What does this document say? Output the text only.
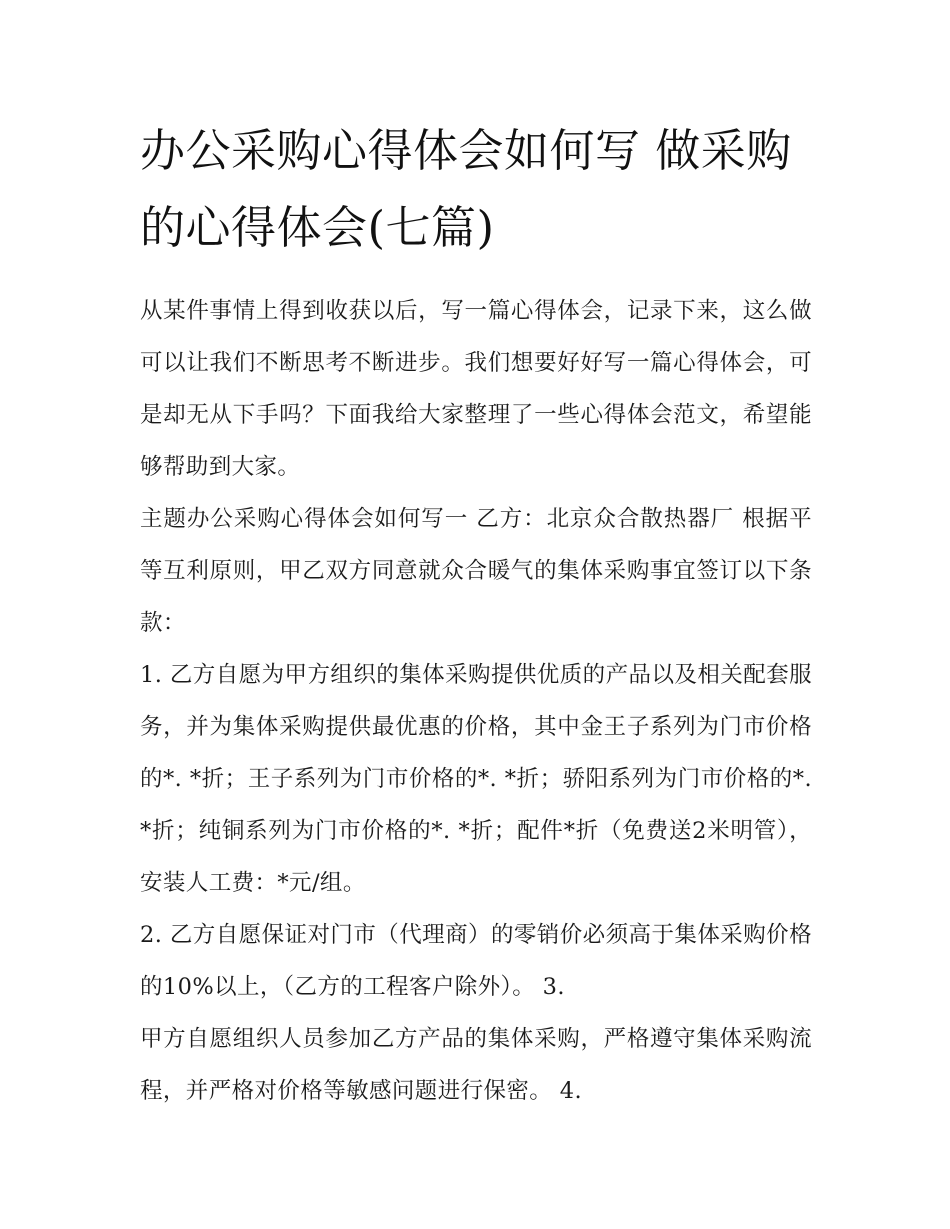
办公采购心得体会如何写 做采购的心得体会(七篇)

从某件事情上得到收获以后，写一篇心得体会，记录下来，这么做可以让我们不断思考不断进步。我们想要好好写一篇心得体会，可是却无从下手吗？下面我给大家整理了一些心得体会范文，希望能够帮助到大家。

主题办公采购心得体会如何写一 乙方：北京众合散热器厂 根据平等互利原则，甲乙双方同意就众合暖气的集体采购事宜签订以下条款：

1. 乙方自愿为甲方组织的集体采购提供优质的产品以及相关配套服务，并为集体采购提供最优惠的价格，其中金王子系列为门市价格的*. *折；王子系列为门市价格的*. *折；骄阳系列为门市价格的*. *折；纯铜系列为门市价格的*. *折；配件*折（免费送2米明管），安装人工费：*元/组。

2. 乙方自愿保证对门市（代理商）的零销价必须高于集体采购价格的10%以上，（乙方的工程客户除外）。 3.

甲方自愿组织人员参加乙方产品的集体采购，严格遵守集体采购流程，并严格对价格等敏感问题进行保密。 4.
